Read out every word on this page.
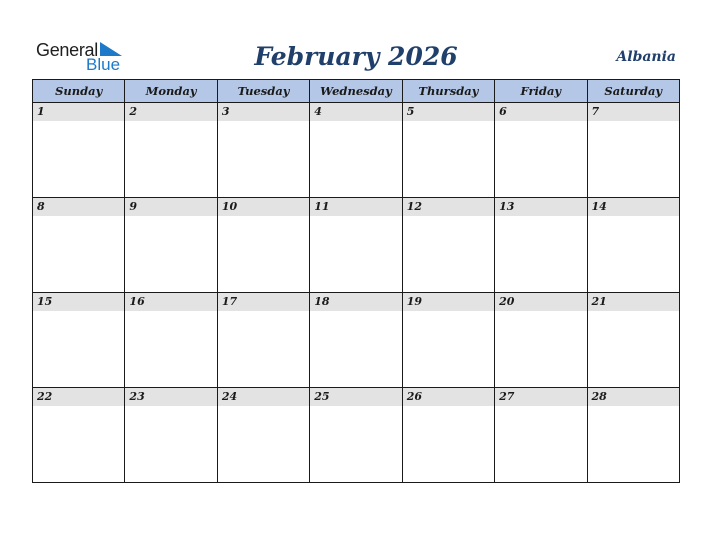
General
Blue	February 2026	Albania
Sunday	Monday	Tuesday	Wednesday	Thursday	Friday	Saturday

1	2	3	4	5	6	7

8	9	10	11	12	13	14

15	16	17	18	19	20	21

22	23	24	25	26	27	28
